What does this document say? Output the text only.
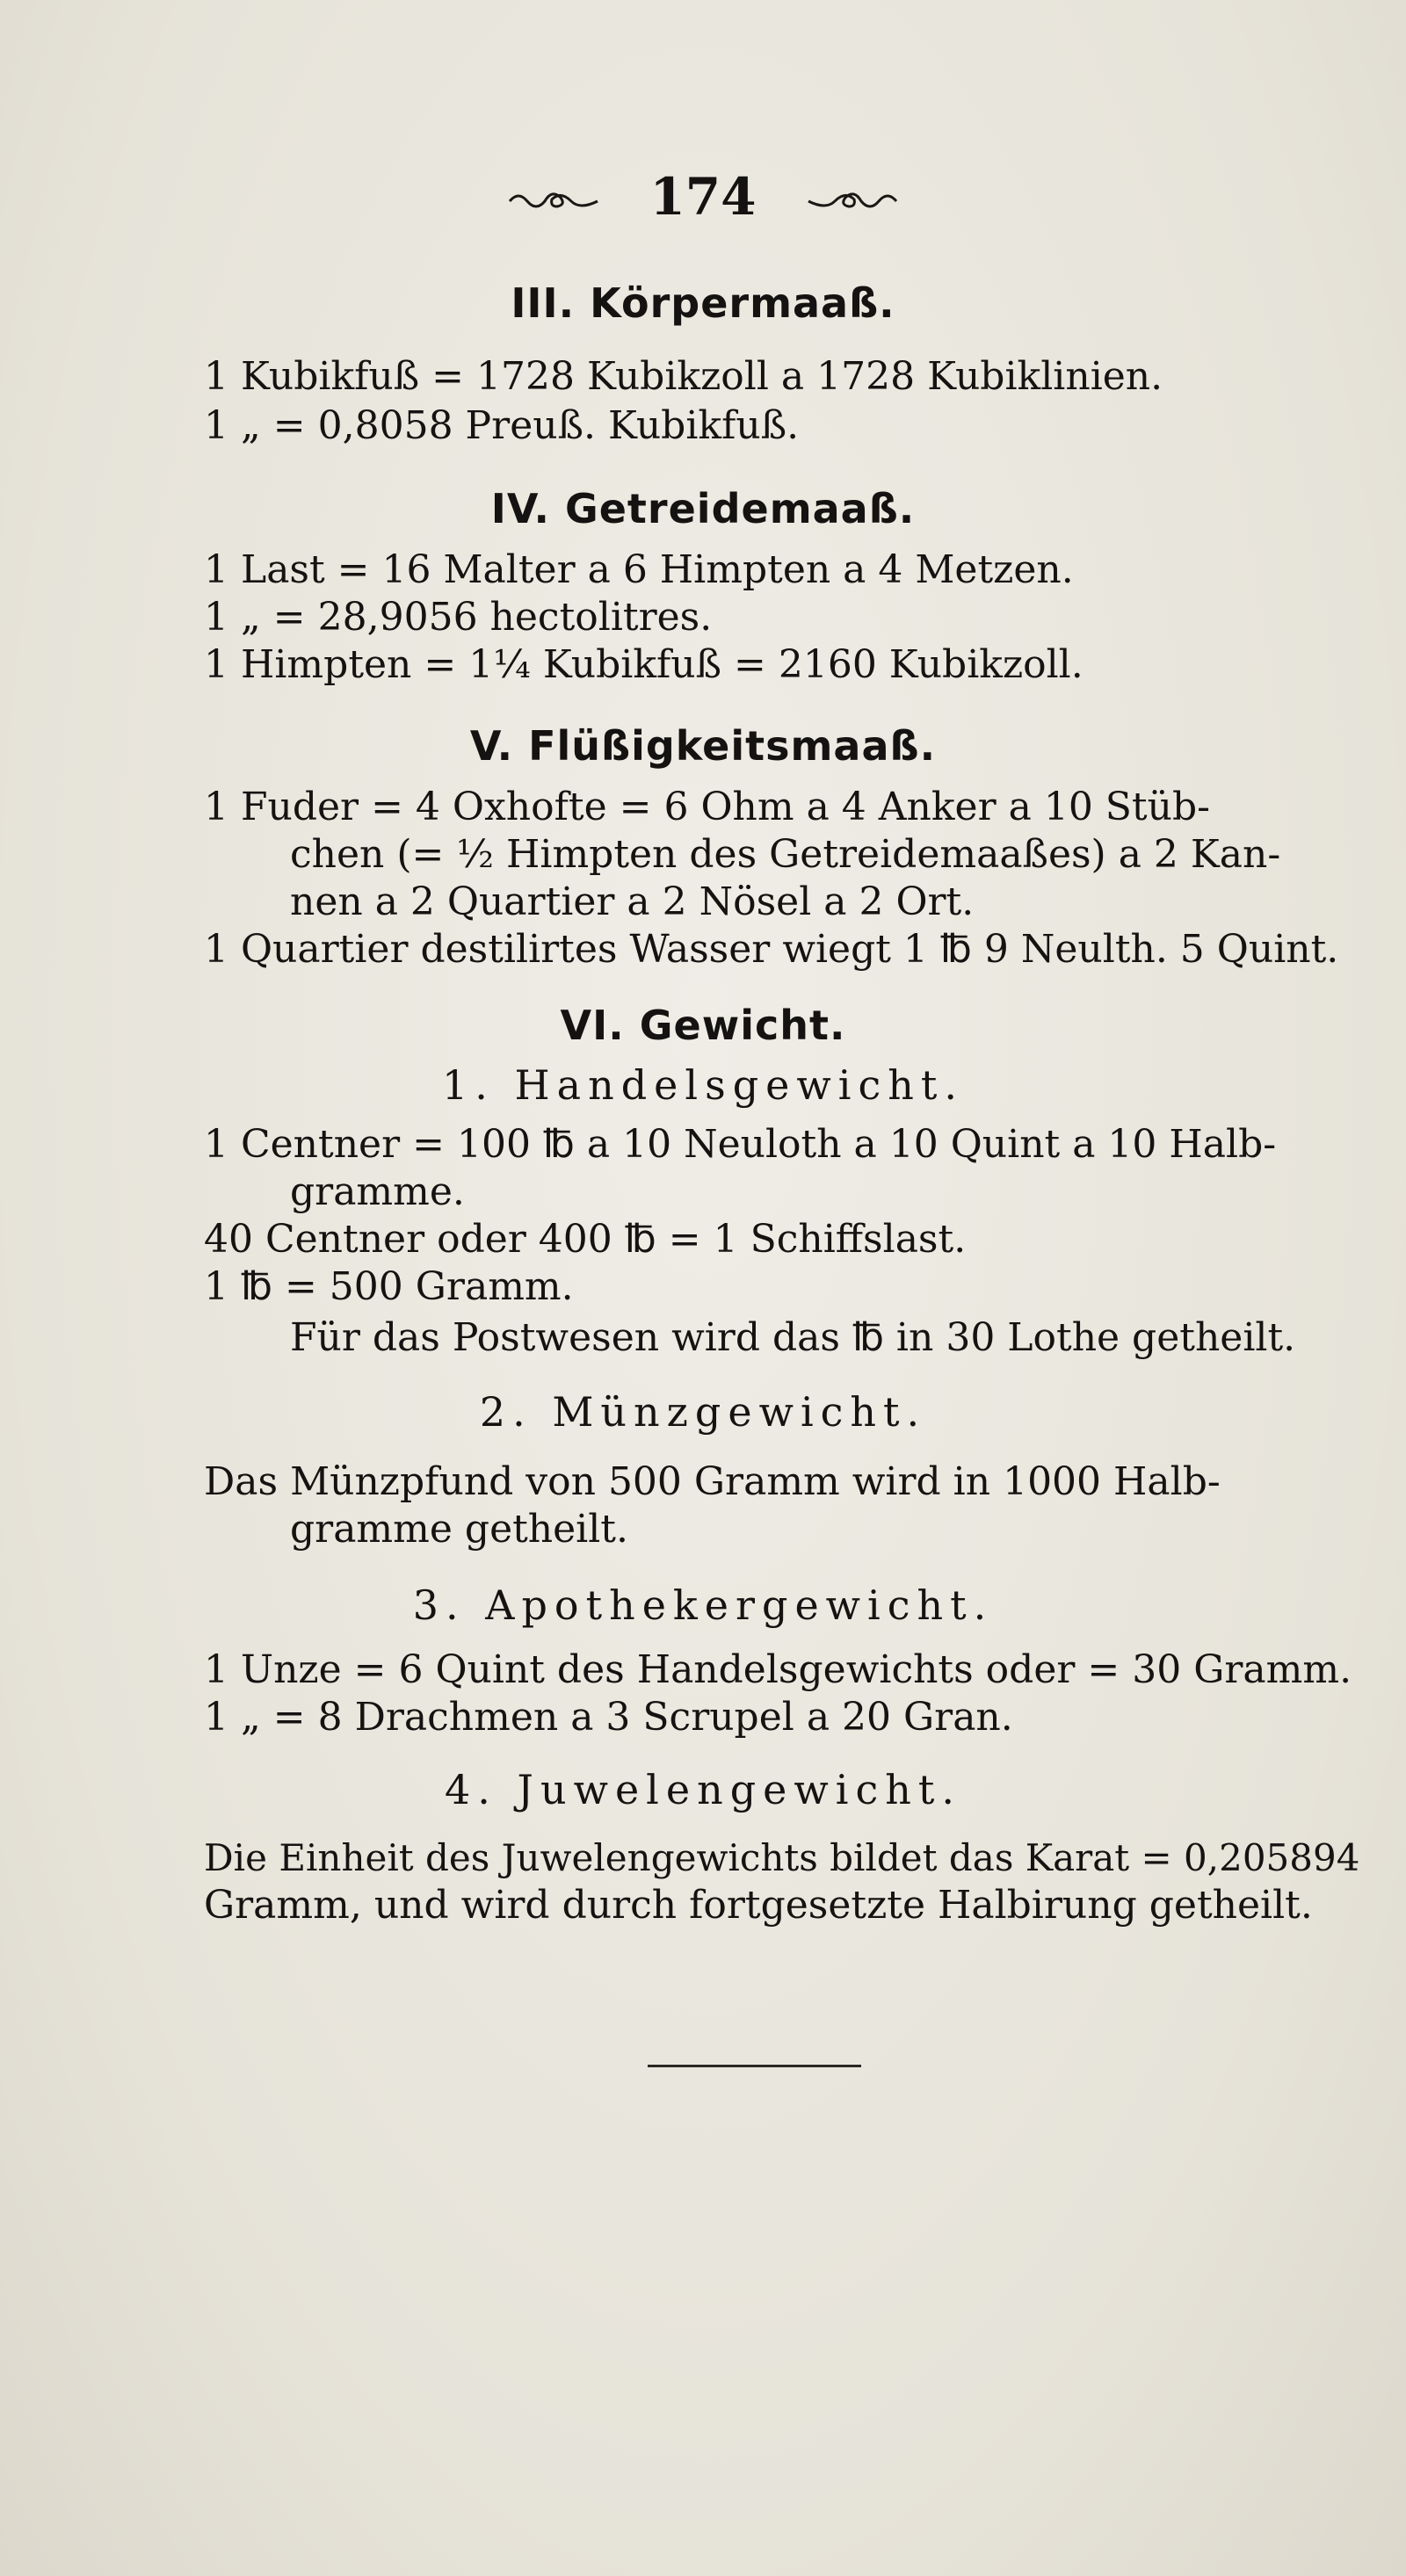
174
III. Körpermaaß.
1 Kubikfuß = 1728 Kubikzoll a 1728 Kubiklinien.
1 „ = 0,8058 Preuß. Kubikfuß.
IV. Getreidemaaß.
1 Last = 16 Malter a 6 Himpten a 4 Metzen.
1 „ = 28,9056 hectolitres.
1 Himpten = 1¼ Kubikfuß = 2160 Kubikzoll.
V. Flüßigkeitsmaaß.
1 Fuder = 4 Oxhofte = 6 Ohm a 4 Anker a 10 Stüb-
chen (= ½ Himpten des Getreidemaaßes) a 2 Kan-
nen a 2 Quartier a 2 Nösel a 2 Ort.
1 Quartier destilirtes Wasser wiegt 1 ℔ 9 Neulth. 5 Quint.
VI. Gewicht.
1. Handelsgewicht.
1 Centner = 100 ℔ a 10 Neuloth a 10 Quint a 10 Halb-
gramme.
40 Centner oder 400 ℔ = 1 Schiffslast.
1 ℔ = 500 Gramm.
Für das Postwesen wird das ℔ in 30 Lothe getheilt.
2. Münzgewicht.
Das Münzpfund von 500 Gramm wird in 1000 Halb-
gramme getheilt.
3. Apothekergewicht.
1 Unze = 6 Quint des Handelsgewichts oder = 30 Gramm.
1 „ = 8 Drachmen a 3 Scrupel a 20 Gran.
4. Juwelengewicht.
Die Einheit des Juwelengewichts bildet das Karat = 0,205894
Gramm, und wird durch fortgesetzte Halbirung getheilt.
